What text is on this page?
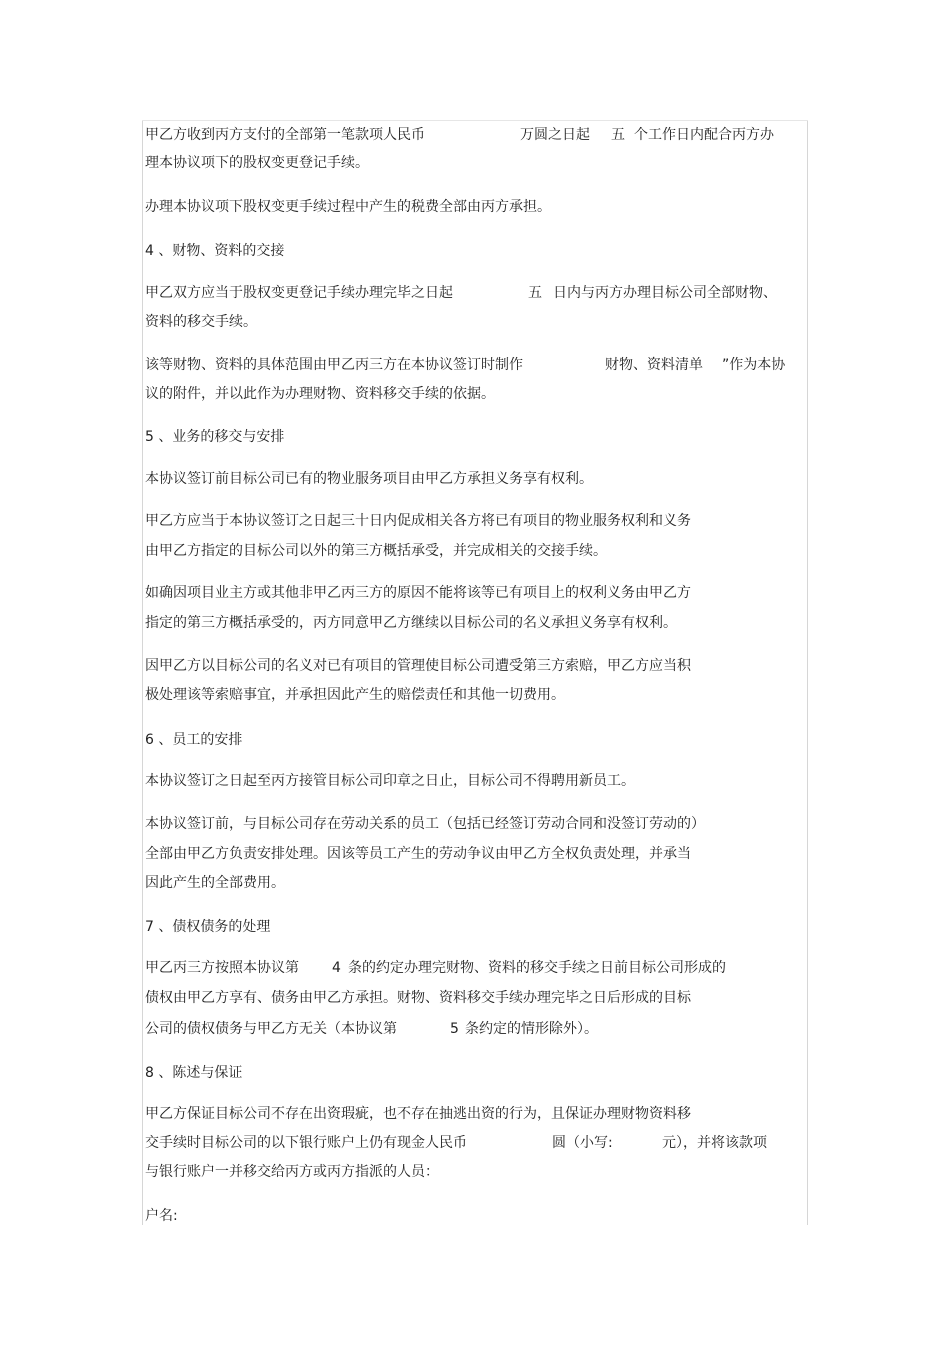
甲乙方收到丙方支付的全部第一笔款项人民币	万圆之日起 五 个工作日内配合丙方办
理本协议项下的股权变更登记手续。
办理本协议项下股权变更手续过程中产生的税费全部由丙方承担。
4 、财物、资料的交接
甲乙双方应当于股权变更登记手续办理完毕之日起	五 日内与丙方办理目标公司全部财物、
资料的移交手续。
该等财物、资料的具体范围由甲乙丙三方在本协议签订时制作	财物、资料清单 ”作为本协
议的附件，并以此作为办理财物、资料移交手续的依据。
5 、业务的移交与安排
本协议签订前目标公司已有的物业服务项目由甲乙方承担义务享有权利。
甲乙方应当于本协议签订之日起三十日内促成相关各方将已有项目的物业服务权利和义务
由甲乙方指定的目标公司以外的第三方概括承受，并完成相关的交接手续。
如确因项目业主方或其他非甲乙丙三方的原因不能将该等已有项目上的权利义务由甲乙方
指定的第三方概括承受的，丙方同意甲乙方继续以目标公司的名义承担义务享有权利。
因甲乙方以目标公司的名义对已有项目的管理使目标公司遭受第三方索赔，甲乙方应当积
极处理该等索赔事宜，并承担因此产生的赔偿责任和其他一切费用。
6 、员工的安排
本协议签订之日起至丙方接管目标公司印章之日止，目标公司不得聘用新员工。
本协议签订前，与目标公司存在劳动关系的员工（包括已经签订劳动合同和没签订劳动的）
全部由甲乙方负责安排处理。因该等员工产生的劳动争议由甲乙方全权负责处理，并承当
因此产生的全部费用。
7 、债权债务的处理
甲乙丙三方按照本协议第 4 条的约定办理完财物、资料的移交手续之日前目标公司形成的
债权由甲乙方享有、债务由甲乙方承担。财物、资料移交手续办理完毕之日后形成的目标
公司的债权债务与甲乙方无关（本协议第	5 条约定的情形除外）。
8 、陈述与保证
甲乙方保证目标公司不存在出资瑕疵，也不存在抽逃出资的行为，且保证办理财物资料移
交手续时目标公司的以下银行账户上仍有现金人民币	圆（小写:	元），并将该款项
与银行账户一并移交给丙方或丙方指派的人员：
户名:
